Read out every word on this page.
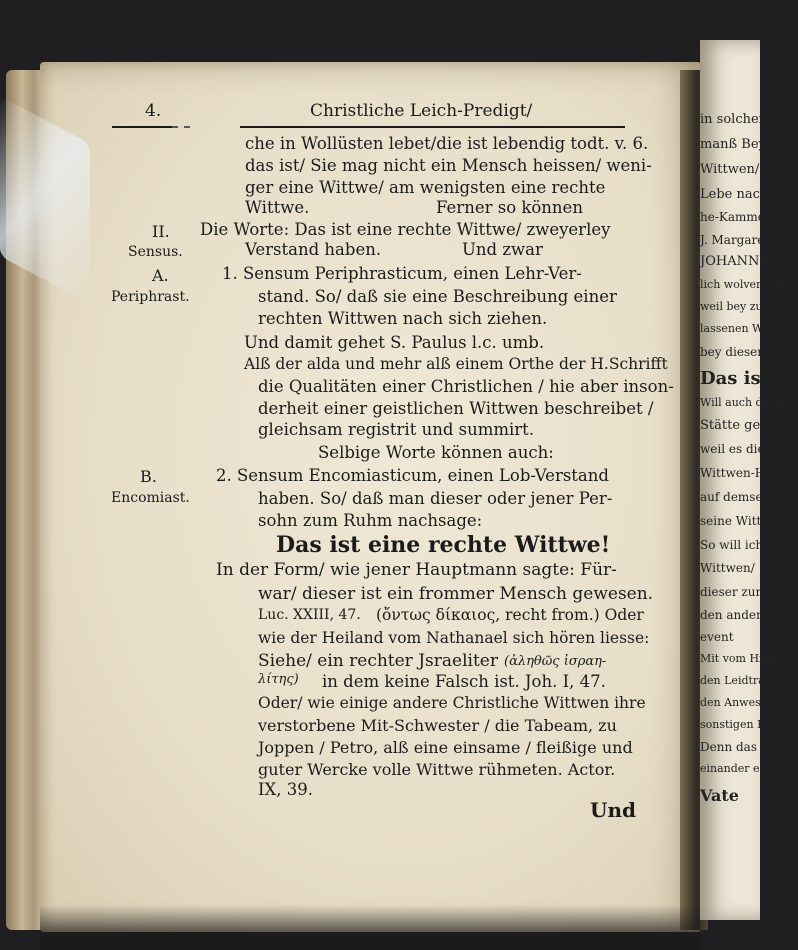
in solcher M
manß Beyst
Wittwen/ w
Lebe nach z
he-Kammer
J. Margarethe
JOHANNIS
lich wolverdiente
weil bey zu S. Ma
lassenen Wittwe
bey dieser G
Das is
Will auch darum
Stätte ge
weil es die E
Wittwen-H
auf demselbe
seine Wittw
So will ich a
Wittwen/
dieser zum
den ander
event
Mit vom Himm
den Leidtragend
den Anwesenden
sonstigen Erqvic
Denn das wolle
einander einer f
Vate
4.	Christliche Leich-Predigt/
che in Wollüsten lebet/die ist lebendig todt. v. 6.
das ist/ Sie mag nicht ein Mensch heissen/ weni-
ger eine Wittwe/ am wenigsten eine rechte
Wittwe.	Ferner so können
II.
Sensus.
Die Worte: Das ist eine rechte Wittwe/ zweyerley
Verstand haben.	Und zwar
A.
Periphrast.
1. Sensum Periphrasticum, einen Lehr-Ver-
stand. So/ daß sie eine Beschreibung einer
rechten Wittwen nach sich ziehen.
Und damit gehet S. Paulus l.c. umb.
Alß der alda und mehr alß einem Orthe der H.Schrifft
die Qualitäten einer Christlichen / hie aber inson-
derheit einer geistlichen Wittwen beschreibet /
gleichsam registrit und summirt.
Selbige Worte können auch:
B.
Encomiast.
2. Sensum Encomiasticum, einen Lob-Verstand
haben. So/ daß man dieser oder jener Per-
sohn zum Ruhm nachsage:
Das ist eine rechte Wittwe!
In der Form/ wie jener Hauptmann sagte: Für-
war/ dieser ist ein frommer Mensch gewesen.
Luc. XXIII, 47. (ὄντως δίκαιος, recht from.) Oder
wie der Heiland vom Nathanael sich hören liesse:
Siehe/ ein rechter Jsraeliter (ἀληθῶς ἰσραη-
λίτης) in dem keine Falsch ist. Joh. I, 47.
Oder/ wie einige andere Christliche Wittwen ihre
verstorbene Mit-Schwester / die Tabeam, zu
Joppen / Petro, alß eine einsame / fleißige und
guter Wercke volle Wittwe rühmeten. Actor.
IX, 39.
Und
